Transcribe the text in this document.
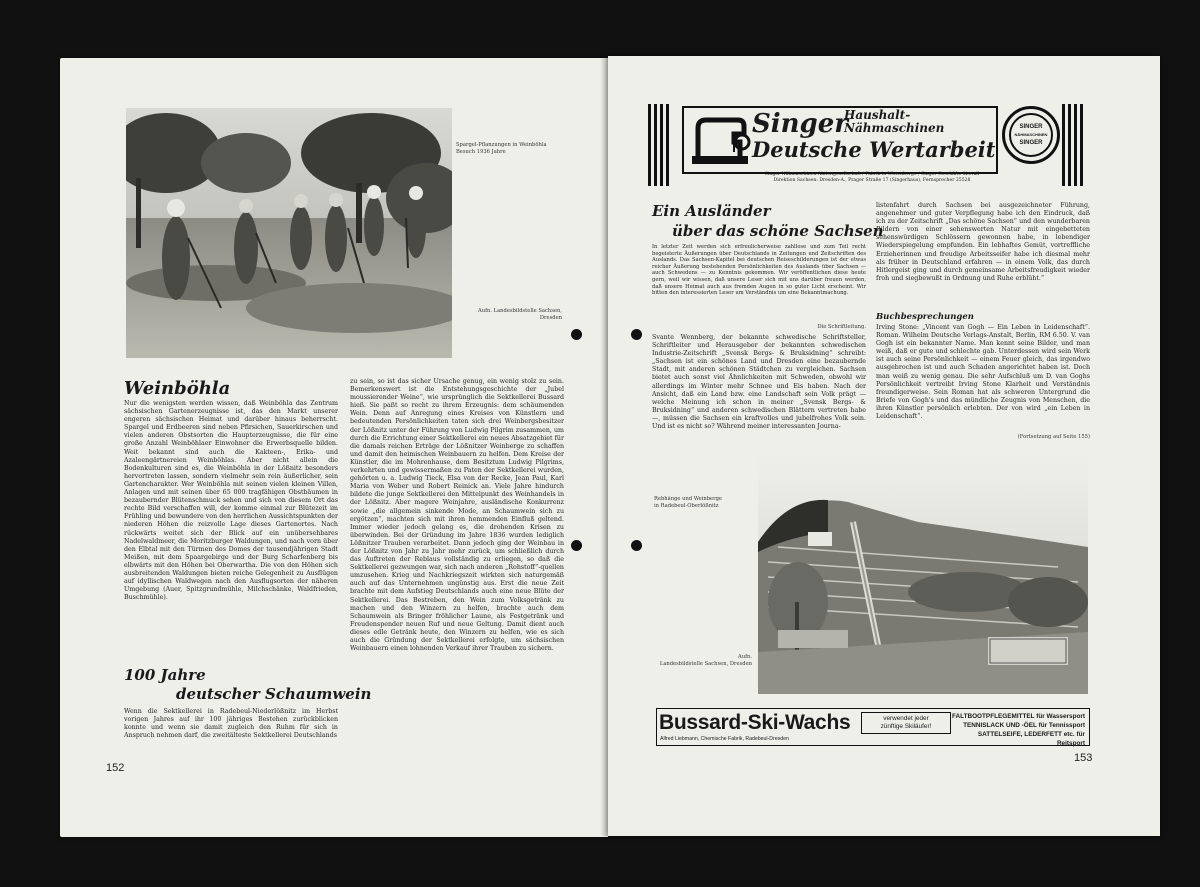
Spargel-Pflanzungen in Weinböhla
Besuch 1936 Jahre
Aufn. Landesbildstelle Sachsen,
Dresden
Weinböhla

Nur die wenigsten werden wissen, daß Weinböhla das Zentrum sächsischen Gartenerzeugnisse ist, das den Markt unserer engeren sächsischen Heimat und darüber hinaus beherrscht. Spargel und Erdbeeren sind neben Pfirsichen, Sauerkirschen und vielen anderen Obstsorten die Haupterzeugnisse, die für eine große Anzahl Weinböhlaer Einwohner die Erwerbsquelle bilden. Weit bekannt sind auch die Kakteen-, Erika- und Azaleengärtnereien Weinböhlas. Aber nicht allein die Bodenkulturen sind es, die Weinböhla in der Lößnitz besonders hervortreten lassen, sondern vielmehr sein rein äußerlicher, sein Gartencharakter. Wer Weinböhla mit seinen vielen kleinen Villen, Anlagen und mit seinen über 65 000 tragfähigen Obstbäumen in bezaubernder Blütenschmuck sehen und sich von diesem Ort das rechte Bild verschaffen will, der komme einmal zur Blütezeit im Frühling und bewundere von den herrlichen Aussichtspunkten der niederen Höhen die reizvolle Lage dieses Gartenortes. Nach rückwärts weitet sich der Blick auf ein unübersehbares Nadelwaldmeer, die Moritzburger Waldungen, und nach vorn über den Elbtal mit den Türmen des Domes der tausendjährigen Stadt Meißen, mit dem Spaargebirge und der Burg Scharfenberg bis elbwärts mit den Höhen bei Oberwartha. Die von den Höhen sich ausbreitenden Waldungen bieten reiche Gelegenheit zu Ausflügen auf idyllischen Waldwegen nach den Ausflugsorten der näheren Umgebung (Auer, Spitzgrundmühle, Milchschänke, Waldfrieden, Buschmühle).

100 Jahre
deutscher Schaumwein

Wenn die Sektkellerei in Radebeul-Niederlößnitz im Herbst vorigen Jahres auf ihr 100 jähriges Bestehen zurückblicken konnte und wenn sie damit zugleich den Ruhm für sich in Anspruch nehmen darf, die zweitälteste Sektkellerei Deutschlands

zu sein, so ist das sicher Ursache genug, ein wenig stolz zu sein. Bemerkenswert ist die Entstehungsgeschichte der „Jubel moussierender Weine“, wie ursprünglich die Sektkellerei Bussard hieß. Sie paßt so recht zu ihrem Erzeugnis: dem schäumenden Wein. Denn auf Anregung eines Kreises von Künstlern und bedeutenden Persönlichkeiten taten sich drei Weinbergsbesitzer der Lößnitz unter der Führung von Ludwig Pilgrim zusammen, um durch die Errichtung einer Sektkellerei ein neues Absatzgebiet für die damals reichen Erträge der Lößnitzer Weinberge zu schaffen und damit den heimischen Weinbauern zu helfen. Dem Kreise der Künstler, die im Mohrenhause, dem Besitztum Ludwig Pilgrims, verkehrten und gewissermaßen zu Paten der Sektkellerei wurden, gehörten u. a. Ludwig Tieck, Elsa von der Recke, Jean Paul, Karl Maria von Weber und Robert Reinick an. Viele Jahre hindurch bildete die junge Sektkellerei den Mittelpunkt des Weinhandels in der Lößnitz. Aber magere Weinjahre, ausländische Konkurrenz sowie „die allgemein sinkende Mode, an Schaumwein sich zu ergötzen“, machten sich mit ihren hemmenden Einfluß geltend. Immer wieder jedoch gelang es, die drohenden Krisen zu überwinden. Bei der Gründung im Jahre 1836 wurden lediglich Lößnitzer Trauben verarbeitet. Dann jedoch ging der Weinbau in der Lößnitz von Jahr zu Jahr mehr zurück, um schließlich durch das Auftreten der Reblaus vollständig zu erliegen, so daß die Sektkellerei gezwungen war, sich nach anderen „Rohstoff“-quellen umzusehen. Krieg und Nachkriegszeit wirkten sich naturgemäß auch auf das Unternehmen ungünstig aus. Erst die neue Zeit brachte mit dem Aufstieg Deutschlands auch eine neue Blüte der Sektkellerei. Das Bestreben, den Wein zum Volksgetränk zu machen und den Winzern zu helfen, brachte auch dem Schaumwein als Bringer fröhlicher Laune, als Festgetränk und Freudenspender neuen Ruf und neue Geltung. Damit dient auch dieses edle Getränk heute, den Winzern zu helfen, wie es sich auch die Gründung der Sektkellerei erfolgte, um sächsischen Weinbauern einen lohnenden Verkauf ihrer Trauben zu sichern.

152
Singer
Haushalt-
Nähmaschinen
Deutsche Wertarbeit
Singer Nähmaschinen Aktiengesellschaft / Fabrik in Wittenberge / Singer Geschäfte überall
Direktion Sachsen: Dresden-A., Prager Straße 17 (Singerhaus), Fernsprecher 25528
SINGER
NÄHMASCHINEN
SINGER
Ein Ausländer
über das schöne Sachsen

In letzter Zeit werden sich erfreulicherweise zahllose und zum Teil recht begeisterte Äußerungen über Deutschlands in Zeitungen und Zeitschriften des Auslands. Das Sachsen-Kapitel bei deutschen Reiseschilderungen ist der etwas reicher Äußerung bestehenden Persönlichkeiten des Auslands über Sachsen — auch Schwedens — zu Kenntnis gekommen. Wir veröffentlichen diese heute gern, weil wir wissen, daß unsere Leser sich mit uns darüber freuen werden, daß unsere Heimat auch aus fremden Augen in so guter Licht erscheint. Wir bitten den interessierten Leser um Verständnis um eine Bekanntmachung.

Die Schriftleitung.

Svante Wennberg, der bekannte schwedische Schriftsteller, Schriftleiter und Herausgeber der bekannten schwedischen Industrie-Zeitschrift „Svensk Bergs- & Bruksidning“ schreibt: „Sachsen ist ein schönes Land und Dresden eine bezaubernde Stadt, mit anderen schönen Städtchen zu vergleichen. Sachsen bietet auch sonst viel Ähnlichkeiten mit Schweden, obwohl wir allerdings im Winter mehr Schnee und Eis haben. Nach der Ansicht, daß ein Land bzw. eine Landschaft sein Volk prägt — welche Meinung ich schon in meiner „Svensk Bergs- & Bruksidning“ und anderen schwedischen Blättern vertreten habe —, müssen die Sachsen ein kraftvolles und jubelfrohes Volk sein. Und ist es nicht so? Während meiner interessanten Journa-

listenfahrt durch Sachsen bei ausgezeichneter Führung, angenehmer und guter Verpflegung habe ich den Eindruck, daß ich zu der Zeitschrift „Das schöne Sachsen“ und den wunderbaren Bildern von einer sehenswerten Natur mit eingebetteten sehenswürdigen Schlössern gewonnen habe, in lebendiger Wiederspiegelung empfunden. Ein lebhaftes Gemüt, vortreffliche Erzieherinnen und freudige Arbeitsseifer habe ich diesmal mehr als früher in Deutschland erfahren — in einem Volk, das durch Hitlergeist ging und durch gemeinsame Arbeitsfreudigkeit wieder froh und siegbewußt in Ordnung und Ruhe erblüht.“

Buchbesprechungen

Irving Stone: „Vincent van Gogh — Ein Leben in Leidenschaft“. Roman. Wilhelm Deutsche Verlags-Anstalt, Berlin, RM 6.50. V. van Gogh ist ein bekannter Name. Man kennt seine Bilder, und man weiß, daß er gute und schlechte gab. Unterdessen wird sein Werk ist auch seine Persönlichkeit — einem Feuer gleich, das irgendwo ausgebrochen ist und auch Schaden angerichtet haben ist. Doch man weiß zu wenig genau. Die sehr Aufschluß um D. van Goghs Persönlichkeit vertreibt Irving Stone Klarheit und Verständnis freundigerweise. Sein Roman hat als schweren Untergrund die Briefe von Gogh's und das mündliche Zeugnis von Menschen, die ihren Künstler persönlich erlebten. Der von wird „ein Leben in Leidenschaft“.

(Fortsetzung auf Seite 155)
Rebhänge und Weinberge
in Radebeul-Oberlößnitz
Aufn.
Landesbildstelle Sachsen, Dresden
Bussard-Ski-Wachs
Alfred Liebmann, Chemische Fabrik, Radebeul-Dresden
verwendet jeder
zünftige Skiläufer!
FALTBOOTPFLEGEMITTEL für Wassersport
TENNISLACK UND -ÖEL für Tennissport
SATTELSEIFE, LEDERFETT etc. für Reitsport
153
